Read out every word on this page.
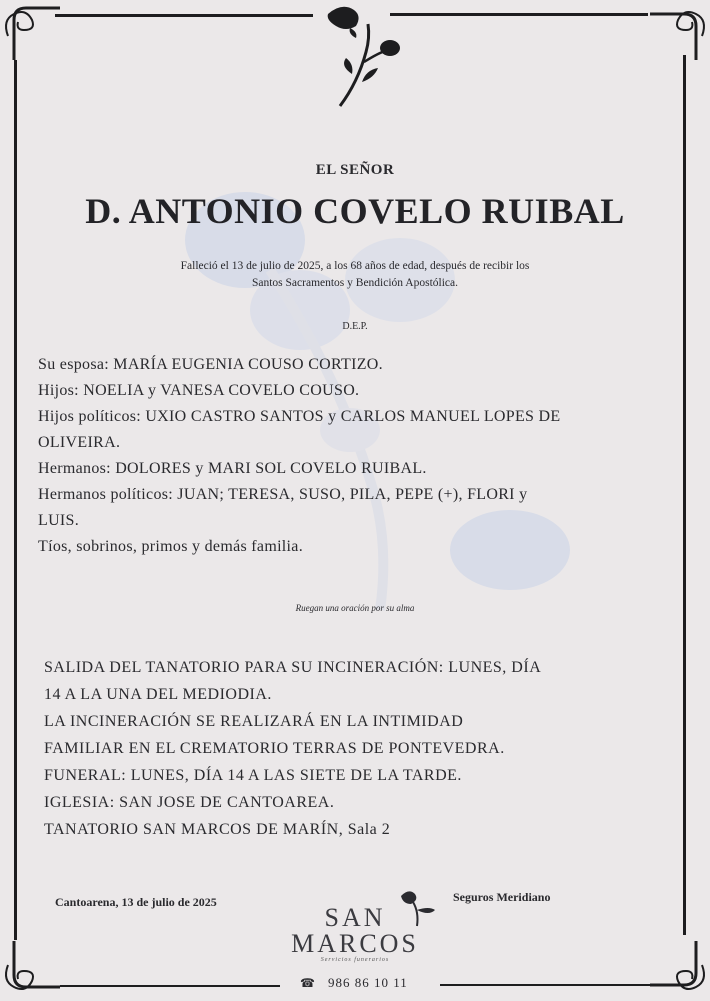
EL SEÑOR
D. ANTONIO COVELO RUIBAL
Falleció el 13 de julio de 2025, a los 68 años de edad, después de recibir los
Santos Sacramentos y Bendición Apostólica.
D.E.P.
Su esposa: MARÍA EUGENIA COUSO CORTIZO.
Hijos: NOELIA y VANESA COVELO COUSO.
Hijos políticos: UXIO CASTRO SANTOS y CARLOS MANUEL LOPES DE
OLIVEIRA.
Hermanos: DOLORES y MARI SOL COVELO RUIBAL.
Hermanos políticos: JUAN; TERESA, SUSO, PILA, PEPE (+), FLORI y
LUIS.
Tíos, sobrinos, primos y demás familia.
Ruegan una oración por su alma
SALIDA DEL TANATORIO PARA SU INCINERACIÓN: LUNES, DÍA
14 A LA UNA DEL MEDIODIA.
LA INCINERACIÓN SE REALIZARÁ EN LA INTIMIDAD
FAMILIAR EN EL CREMATORIO TERRAS DE PONTEVEDRA.
FUNERAL: LUNES, DÍA 14 A LAS SIETE DE LA TARDE.
IGLESIA: SAN JOSE DE CANTOAREA.
TANATORIO SAN MARCOS DE MARÍN, Sala 2
Cantoarena, 13 de julio de 2025	Seguros Meridiano
SAN
MARCOS
Servicios funerarios
☎ 986 86 10 11
